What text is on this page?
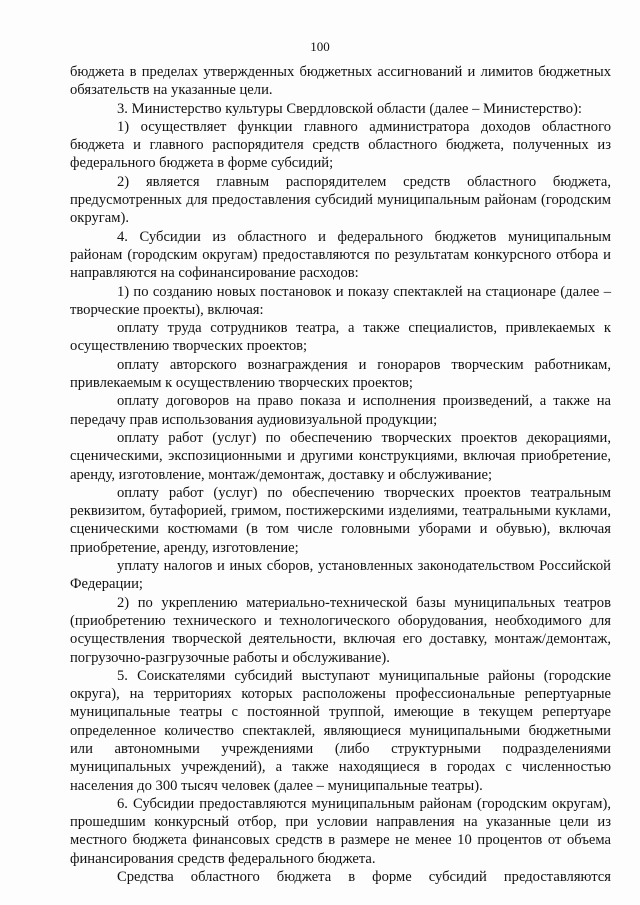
100

бюджета в пределах утвержденных бюджетных ассигнований и лимитов бюджетных обязательств на указанные цели.

3. Министерство культуры Свердловской области (далее – Министерство):

1) осуществляет функции главного администратора доходов областного бюджета и главного распорядителя средств областного бюджета, полученных из федерального бюджета в форме субсидий;

2) является главным распорядителем средств областного бюджета, предусмотренных для предоставления субсидий муниципальным районам (городским округам).

4. Субсидии из областного и федерального бюджетов муниципальным районам (городским округам) предоставляются по результатам конкурсного отбора и направляются на софинансирование расходов:

1) по созданию новых постановок и показу спектаклей на стационаре (далее – творческие проекты), включая:

оплату труда сотрудников театра, а также специалистов, привлекаемых к осуществлению творческих проектов;

оплату авторского вознаграждения и гонораров творческим работникам, привлекаемым к осуществлению творческих проектов;

оплату договоров на право показа и исполнения произведений, а также на передачу прав использования аудиовизуальной продукции;

оплату работ (услуг) по обеспечению творческих проектов декорациями, сценическими, экспозиционными и другими конструкциями, включая приобретение, аренду, изготовление, монтаж/демонтаж, доставку и обслуживание;

оплату работ (услуг) по обеспечению творческих проектов театральным реквизитом, бутафорией, гримом, постижерскими изделиями, театральными куклами, сценическими костюмами (в том числе головными уборами и обувью), включая приобретение, аренду, изготовление;

уплату налогов и иных сборов, установленных законодательством Российской Федерации;

2) по укреплению материально-технической базы муниципальных театров (приобретению технического и технологического оборудования, необходимого для осуществления творческой деятельности, включая его доставку, монтаж/демонтаж, погрузочно-разгрузочные работы и обслуживание).

5. Соискателями субсидий выступают муниципальные районы (городские округа), на территориях которых расположены профессиональные репертуарные муниципальные театры с постоянной труппой, имеющие в текущем репертуаре определенное количество спектаклей, являющиеся муниципальными бюджетными или автономными учреждениями (либо структурными подразделениями муниципальных учреждений), а также находящиеся в городах с численностью населения до 300 тысяч человек (далее – муниципальные театры).

6. Субсидии предоставляются муниципальным районам (городским округам), прошедшим конкурсный отбор, при условии направления на указанные цели из местного бюджета финансовых средств в размере не менее 10 процентов от объема финансирования средств федерального бюджета.

Средства областного бюджета в форме субсидий предоставляются
